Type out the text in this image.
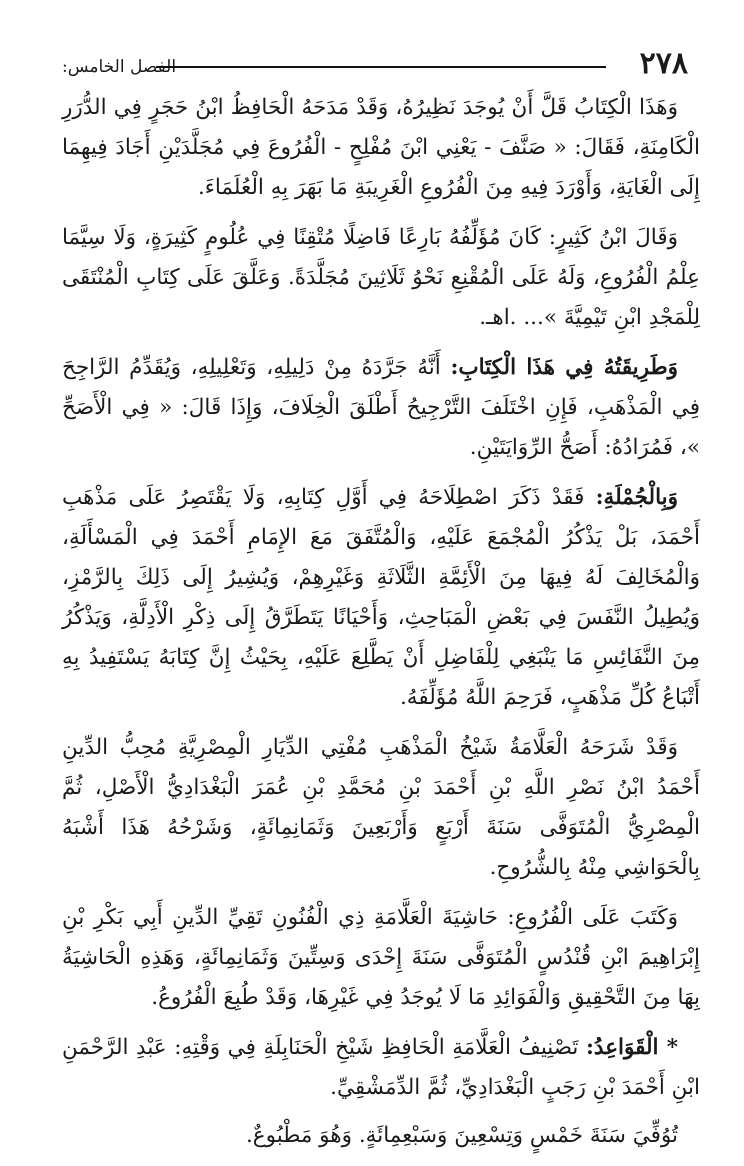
الفصل الخامس:	٢٧٨

وَهَذَا الْكِتَابُ قَلَّ أَنْ يُوجَدَ نَظِيرُهُ، وَقَدْ مَدَحَهُ الْحَافِظُ ابْنُ حَجَرٍ فِي الدُّرَرِ الْكَامِنَةِ، فَقَالَ: « صَنَّفَ - يَعْنِي ابْنَ مُفْلِحٍ - الْفُرُوعَ فِي مُجَلَّدَيْنِ أَجَادَ فِيهِمَا إِلَى الْغَايَةِ، وَأَوْرَدَ فِيهِ مِنَ الْفُرُوعِ الْغَرِيبَةِ مَا بَهَرَ بِهِ الْعُلَمَاءَ.

وَقَالَ ابْنُ كَثِيرٍ: كَانَ مُؤَلِّفُهُ بَارِعًا فَاضِلًا مُتْقِنًا فِي عُلُومٍ كَثِيرَةٍ، وَلَا سِيَّمَا عِلْمُ الْفُرُوعِ، وَلَهُ عَلَى الْمُقْنِعِ نَحْوُ ثَلَاثِينَ مُجَلَّدَةً. وَعَلَّقَ عَلَى كِتَابِ الْمُنْتَقَى لِلْمَجْدِ ابْنِ تَيْمِيَّةَ »... .اهـ.

وَطَرِيقَتُهُ فِي هَذَا الْكِتَابِ: أَنَّهُ جَرَّدَهُ مِنْ دَلِيلِهِ، وَتَعْلِيلِهِ، وَيُقَدِّمُ الرَّاجِحَ فِي الْمَذْهَبِ، فَإِنِ اخْتَلَفَ التَّرْجِيحُ أَطْلَقَ الْخِلَافَ، وَإِذَا قَالَ: « فِي الْأَصَحِّ »، فَمُرَادُهُ: أَصَحُّ الرِّوَايَتَيْنِ.

وَبِالْجُمْلَةِ: فَقَدْ ذَكَرَ اصْطِلَاحَهُ فِي أَوَّلِ كِتَابِهِ، وَلَا يَقْتَصِرُ عَلَى مَذْهَبِ أَحْمَدَ، بَلْ يَذْكُرُ الْمُجْمَعَ عَلَيْهِ، وَالْمُتَّفَقَ مَعَ الإِمَامِ أَحْمَدَ فِي الْمَسْأَلَةِ، وَالْمُخَالِفَ لَهُ فِيهَا مِنَ الْأَئِمَّةِ الثَّلَاثَةِ وَغَيْرِهِمْ، وَيُشِيرُ إِلَى ذَلِكَ بِالرَّمْزِ، وَيُطِيلُ النَّفَسَ فِي بَعْضِ الْمَبَاحِثِ، وَأَحْيَانًا يَتَطَرَّقُ إِلَى ذِكْرِ الْأَدِلَّةِ، وَيَذْكُرُ مِنَ النَّفَائِسِ مَا يَنْبَغِي لِلْفَاضِلِ أَنْ يَطَّلِعَ عَلَيْهِ، بِحَيْثُ إِنَّ كِتَابَهُ يَسْتَفِيدُ بِهِ أَتْبَاعُ كُلِّ مَذْهَبٍ، فَرَحِمَ اللَّهُ مُؤَلِّفَهُ.

وَقَدْ شَرَحَهُ الْعَلَّامَةُ شَيْخُ الْمَذْهَبِ مُفْتِي الدِّيَارِ الْمِصْرِيَّةِ مُحِبُّ الدِّينِ أَحْمَدُ ابْنُ نَصْرِ اللَّهِ بْنِ أَحْمَدَ بْنِ مُحَمَّدِ بْنِ عُمَرَ الْبَغْدَادِيُّ الْأَصْلِ، ثُمَّ الْمِصْرِيُّ الْمُتَوَفَّى سَنَةَ أَرْبَعٍ وَأَرْبَعِينَ وَثَمَانِمِائَةٍ، وَشَرْحُهُ هَذَا أَشْبَهُ بِالْحَوَاشِي مِنْهُ بِالشُّرُوحِ.

وَكَتَبَ عَلَى الْفُرُوعِ: حَاشِيَةَ الْعَلَّامَةِ ذِي الْفُنُونِ تَقِيِّ الدِّينِ أَبِي بَكْرِ بْنِ إِبْرَاهِيمَ ابْنِ قُنْدُسٍ الْمُتَوَفَّى سَنَةَ إِحْدَى وَسِتِّينَ وَثَمَانِمِائَةٍ، وَهَذِهِ الْحَاشِيَةُ بِهَا مِنَ التَّحْقِيقِ وَالْفَوَائِدِ مَا لَا يُوجَدُ فِي غَيْرِهَا، وَقَدْ طُبِعَ الْفُرُوعُ.

* الْقَوَاعِدُ: تَصْنِيفُ الْعَلَّامَةِ الْحَافِظِ شَيْخِ الْحَنَابِلَةِ فِي وَقْتِهِ: عَبْدِ الرَّحْمَنِ ابْنِ أَحْمَدَ بْنِ رَجَبٍ الْبَغْدَادِيِّ، ثُمَّ الدِّمَشْقِيِّ.

تُوُفِّيَ سَنَةَ خَمْسٍ وَتِسْعِينَ وَسَبْعِمِائَةٍ. وَهُوَ مَطْبُوعٌ.
